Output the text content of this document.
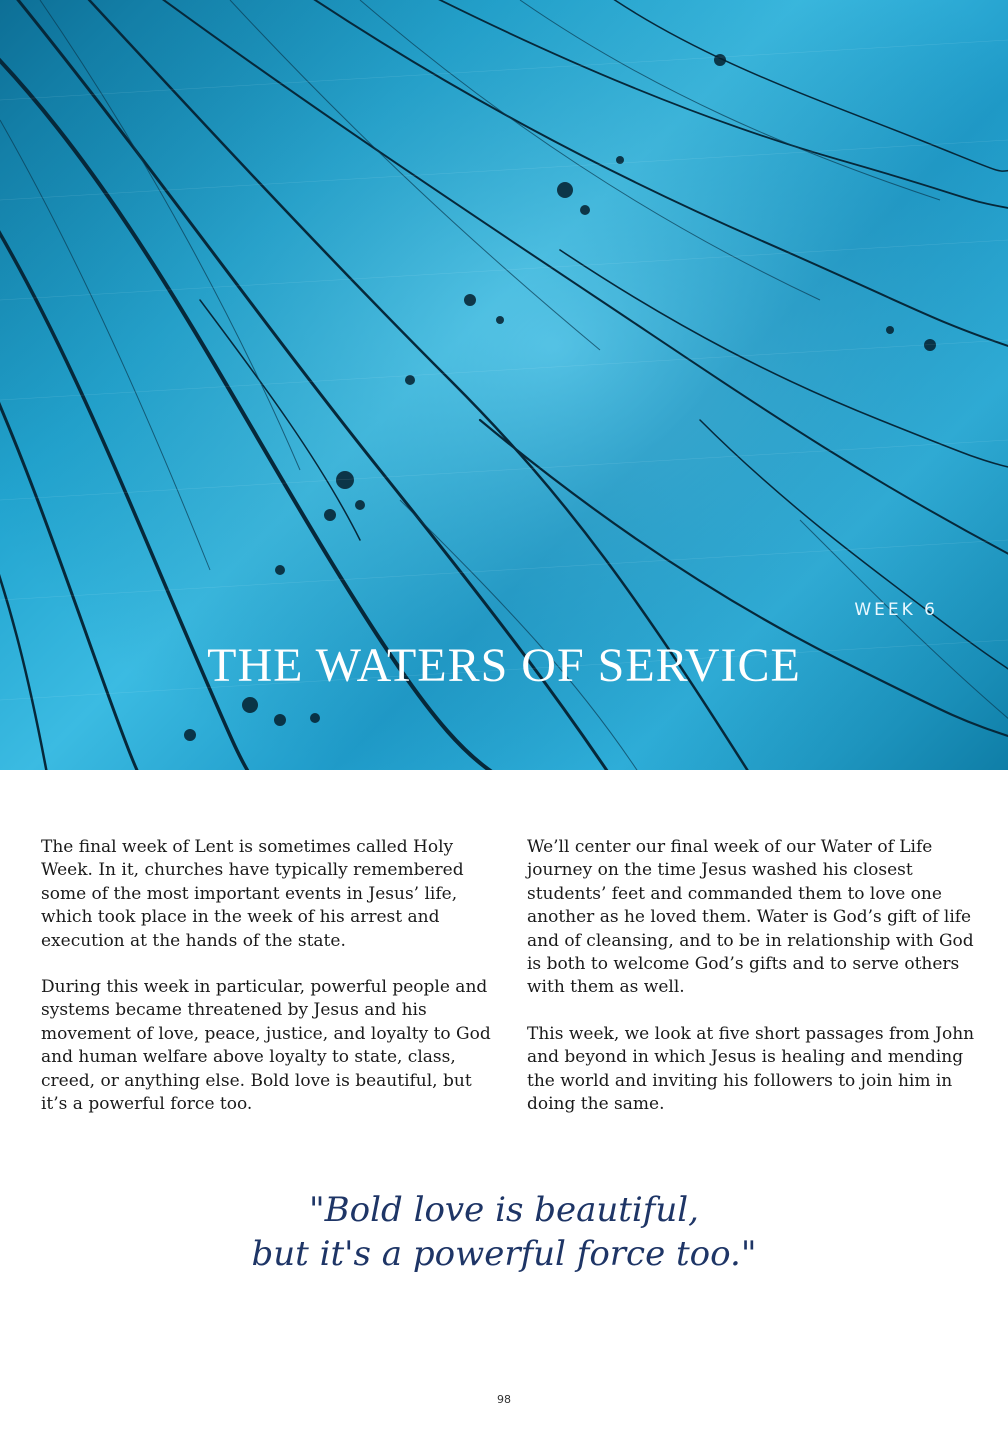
WEEK 6
THE WATERS OF SERVICE

The final week of Lent is sometimes called Holy Week. In it, churches have typically remembered some of the most important events in Jesus’ life, which took place in the week of his arrest and execution at the hands of the state.

During this week in particular, powerful people and systems became threatened by Jesus and his movement of love, peace, justice, and loyalty to God and human welfare above loyalty to state, class, creed, or anything else. Bold love is beautiful, but it’s a powerful force too.

We’ll center our final week of our Water of Life journey on the time Jesus washed his closest students’ feet and commanded them to love one another as he loved them. Water is God’s gift of life and of cleansing, and to be in relationship with God is both to welcome God’s gifts and to serve others with them as well.

This week, we look at five short passages from John and beyond in which Jesus is healing and mending the world and inviting his followers to join him in doing the same.

"Bold love is beautiful,
but it's a powerful force too."
98
